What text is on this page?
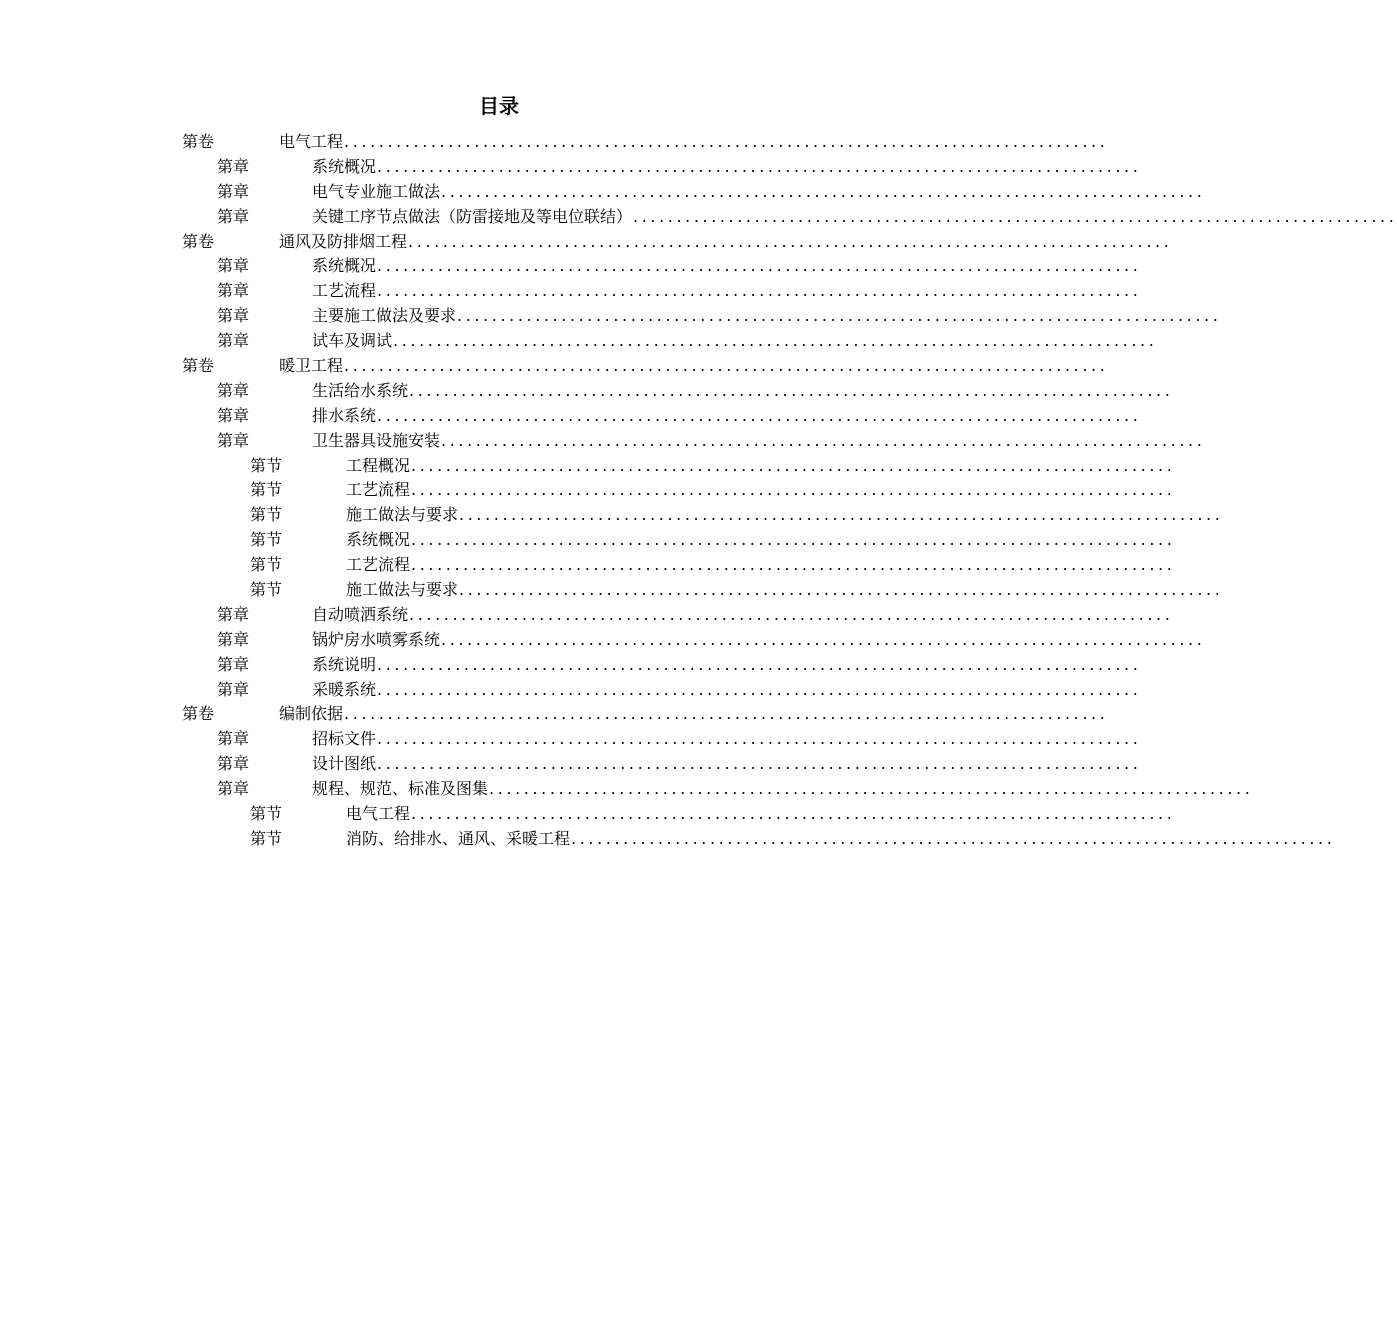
目录
第卷	电气工程 ........................................................................................
第章	系统概况 ........................................................................................
第章	电气专业施工做法 ........................................................................................
第章	关键工序节点做法（防雷接地及等电位联结） ........................................................................................
第卷	通风及防排烟工程 ........................................................................................
第章	系统概况 ........................................................................................
第章	工艺流程 ........................................................................................
第章	主要施工做法及要求 ........................................................................................
第章	试车及调试 ........................................................................................
第卷	暖卫工程 ........................................................................................
第章	生活给水系统 ........................................................................................
第章	排水系统 ........................................................................................
第章	卫生器具设施安装 ........................................................................................
第节	工程概况 ........................................................................................
第节	工艺流程 ........................................................................................
第节	施工做法与要求 ........................................................................................
第节	系统概况 ........................................................................................
第节	工艺流程 ........................................................................................
第节	施工做法与要求 ........................................................................................
第章	自动喷洒系统 ........................................................................................
第章	锅炉房水喷雾系统 ........................................................................................
第章	系统说明 ........................................................................................
第章	采暖系统 ........................................................................................
第卷	编制依据 ........................................................................................
第章	招标文件 ........................................................................................
第章	设计图纸 ........................................................................................
第章	规程、规范、标准及图集 ........................................................................................
第节	电气工程 ........................................................................................
第节	消防、给排水、通风、采暖工程 ........................................................................................
